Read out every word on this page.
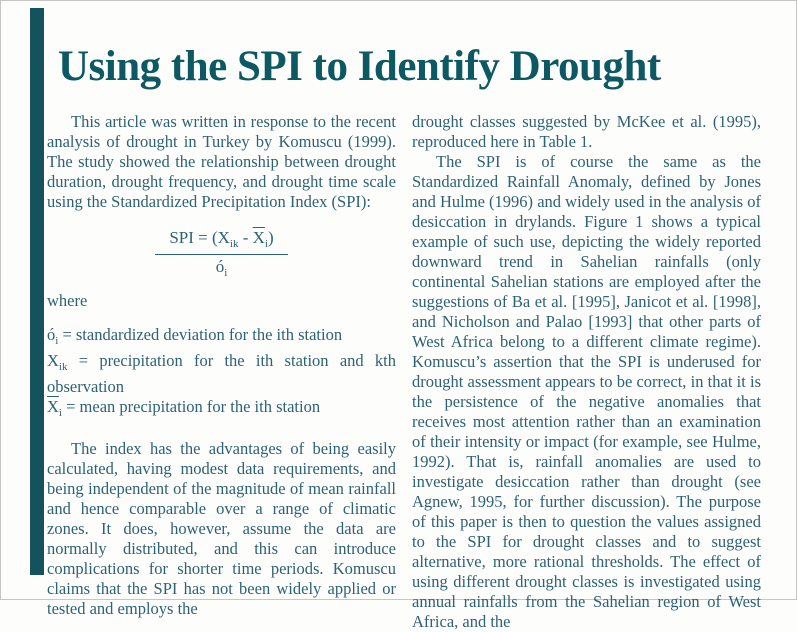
Using the SPI to Identify Drought

This article was written in response to the recent analysis of drought in Turkey by Komuscu (1999). The study showed the relationship between drought duration, drought frequency, and drought time scale using the Standardized Precipitation Index (SPI):

SPI = $(X_{ik} - \overline{X}_i)$
$ó_i$

where

$ó_i$ = standardized deviation for the ith station

$X_{ik}$ = precipitation for the ith station and kth observation

$\overline{X}_i$ = mean precipitation for the ith station

The index has the advantages of being easily calculated, having modest data requirements, and being independent of the magnitude of mean rainfall and hence comparable over a range of climatic zones. It does, however, assume the data are normally distributed, and this can introduce complications for shorter time periods. Komuscu claims that the SPI has not been widely applied or tested and employs the

drought classes suggested by McKee et al. (1995), reproduced here in Table 1.

The SPI is of course the same as the Standardized Rainfall Anomaly, defined by Jones and Hulme (1996) and widely used in the analysis of desiccation in drylands. Figure 1 shows a typical example of such use, depicting the widely reported downward trend in Sahelian rainfalls (only continental Sahelian stations are employed after the suggestions of Ba et al. [1995], Janicot et al. [1998], and Nicholson and Palao [1993] that other parts of West Africa belong to a different climate regime). Komuscu’s assertion that the SPI is underused for drought assessment appears to be correct, in that it is the persistence of the negative anomalies that receives most attention rather than an examination of their intensity or impact (for example, see Hulme, 1992). That is, rainfall anomalies are used to investigate desiccation rather than drought (see Agnew, 1995, for further discussion). The purpose of this paper is then to question the values assigned to the SPI for drought classes and to suggest alternative, more rational thresholds. The effect of using different drought classes is investigated using annual rainfalls from the Sahelian region of West Africa, and the
